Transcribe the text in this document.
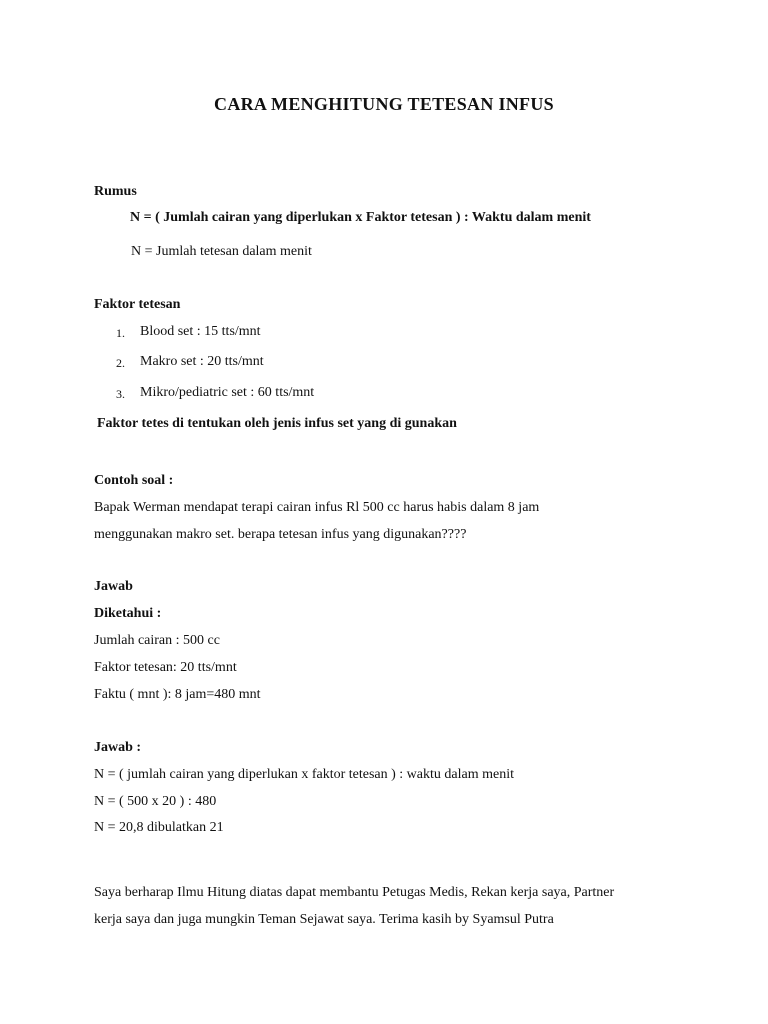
CARA MENGHITUNG TETESAN INFUS
Rumus
N = ( Jumlah cairan yang diperlukan x Faktor tetesan ) : Waktu dalam menit
N = Jumlah tetesan dalam menit
Faktor tetesan
1. Blood set : 15 tts/mnt
2. Makro set : 20 tts/mnt
3. Mikro/pediatric set : 60 tts/mnt
Faktor tetes di tentukan oleh jenis infus set yang di gunakan
Contoh soal :
Bapak Werman mendapat terapi cairan infus Rl 500 cc harus habis dalam 8 jam
menggunakan makro set. berapa tetesan infus yang digunakan????
Jawab
Diketahui :
Jumlah cairan : 500 cc
Faktor tetesan: 20 tts/mnt
Faktu ( mnt ): 8 jam=480 mnt
Jawab :
N = ( jumlah cairan yang diperlukan x faktor tetesan ) : waktu dalam menit
N = ( 500 x 20 ) : 480
N = 20,8 dibulatkan 21
Saya berharap Ilmu Hitung diatas dapat membantu Petugas Medis, Rekan kerja saya, Partner
kerja saya dan juga mungkin Teman Sejawat saya. Terima kasih by Syamsul Putra
